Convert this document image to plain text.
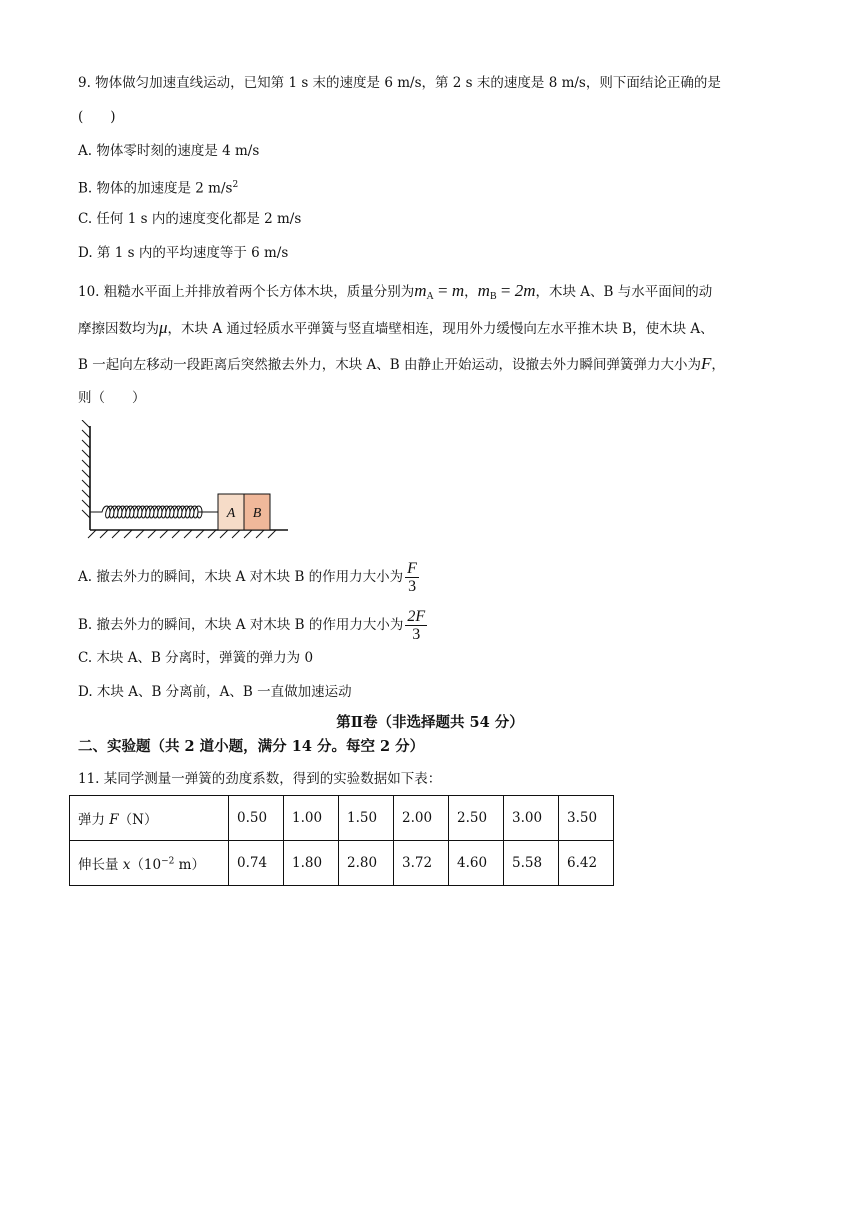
9. 物体做匀加速直线运动，已知第 1 s 末的速度是 6 m/s，第 2 s 末的速度是 8 m/s，则下面结论正确的是
(　　)
A. 物体零时刻的速度是 4 m/s
B. 物体的加速度是 2 $m/s^2$
C. 任何 1 s 内的速度变化都是 2 m/s
D. 第 1 s 内的平均速度等于 6 m/s
10. 粗糙水平面上并排放着两个长方体木块，质量分别为$m_A = m$，$m_B = 2m$，木块 A、B 与水平面间的动
摩擦因数均为μ，木块 A 通过轻质水平弹簧与竖直墙壁相连，现用外力缓慢向左水平推木块 B，使木块 A、
B 一起向左移动一段距离后突然撤去外力，木块 A、B 由静止开始运动，设撤去外力瞬间弹簧弹力大小为F，
则（　　）
A B
A. 撤去外力的瞬间，木块 A 对木块 B 的作用力大小为 $\frac{F}{3}$
B. 撤去外力的瞬间，木块 A 对木块 B 的作用力大小为 $\frac{2F}{3}$
C. 木块 A、B 分离时，弹簧的弹力为 0
D. 木块 A、B 分离前，A、B 一直做加速运动
第Ⅱ卷（非选择题共 54 分）
二、实验题（共 2 道小题，满分 14 分。每空 2 分）
11. 某同学测量一弹簧的劲度系数，得到的实验数据如下表：
弹力 F（N）	0.50	1.00	1.50	2.00	2.50	3.00	3.50
伸长量 $x(10^{-2}$ m）	0.74	1.80	2.80	3.72	4.60	5.58	6.42
